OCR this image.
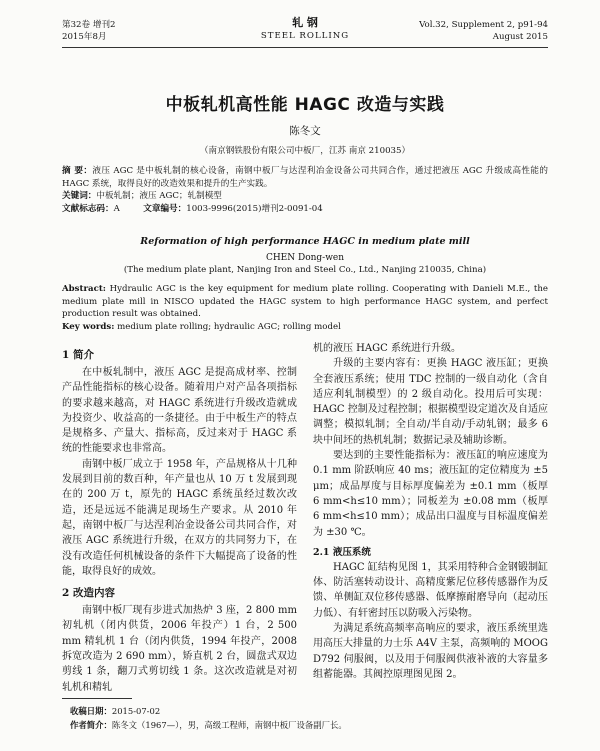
第32卷 增刊2
2015年8月
轧 钢
STEEL ROLLING
Vol.32, Supplement 2, p91-94
August 2015
中板轧机高性能 HAGC 改造与实践
陈冬文
（南京钢铁股份有限公司中板厂，江苏 南京 210035）
摘 要：液压 AGC 是中板轧制的核心设备，南钢中板厂与达涅利冶金设备公司共同合作，通过把液压 AGC 升级成高性能的 HAGC 系统，取得良好的改造效果和提升的生产实践。
关键词：中板轧制；液压 AGC；轧制模型
文献标志码：A	文章编号：1003-9996(2015)增刊2-0091-04
Reformation of high performance HAGC in medium plate mill
CHEN Dong-wen
(The medium plate plant, Nanjing Iron and Steel Co., Ltd., Nanjing 210035, China)
Abstract: Hydraulic AGC is the key equipment for medium plate rolling. Cooperating with Danieli M.E., the medium plate mill in NISCO updated the HAGC system to high performance HAGC system, and perfect production result was obtained.
Key words: medium plate rolling; hydraulic AGC; rolling model
1 简介

在中板轧制中，液压 AGC 是提高成材率、控制产品性能指标的核心设备。随着用户对产品各项指标的要求越来越高，对 HAGC 系统进行升级改造就成为投资少、收益高的一条捷径。由于中板生产的特点是规格多、产量大、指标高，反过来对于 HAGC 系统的性能要求也非常高。

南钢中板厂成立于 1958 年，产品规格从十几种发展到目前的数百种，年产量也从 10 万 t 发展到现在的 200 万 t，原先的 HAGC 系统虽经过数次改造，还是远远不能满足现场生产要求。从 2010 年起，南钢中板厂与达涅利冶金设备公司共同合作，对液压 AGC 系统进行升级，在双方的共同努力下，在没有改造任何机械设备的条件下大幅提高了设备的性能，取得良好的成效。

2 改造内容

南钢中板厂现有步进式加热炉 3 座，2 800 mm 初轧机（闭内供货，2006 年投产）1 台，2 500 mm 精轧机 1 台（闭内供货，1994 年投产，2008 拆宽改造为 2 690 mm），矫直机 2 台，圆盘式双边剪线 1 条，翻刀式剪切线 1 条。这次改造就是对初轧机和精轧

机的液压 HAGC 系统进行升级。

升级的主要内容有：更换 HAGC 液压缸；更换全套液压系统；使用 TDC 控制的一级自动化（含自适应利轧制模型）的 2 级自动化。投用后可实现：HAGC 控制及过程控制；根据模型设定道次及自适应调整；模拟轧制；全自动/半自动/手动轧钢；最多 6 块中间坯的热机轧制；数据记录及辅助诊断。

要达到的主要性能指标为：液压缸的响应速度为 0.1 mm 阶跃响应 40 ms；液压缸的定位精度为 ±5 μm；成品厚度与目标厚度偏差为 ±0.1 mm（板厚 6 mm<h≤10 mm）；同板差为 ±0.08 mm（板厚 6 mm<h≤10 mm）；成品出口温度与目标温度偏差为 ±30 ℃。

2.1 液压系统

HAGC 缸结构见图 1，其采用特种合金钢锻制缸体、防活塞转动设计、高精度紫尼位移传感器作为反馈、单侧缸双位移传感器、低摩擦耐磨导向（起动压力低）、有轩密封压以防吸入污染物。

为满足系统高频率高响应的要求，液压系统里选用高压大排量的力士乐 A4V 主泵，高频响的 MOOG D792 伺服阀，以及用于伺服阀供液补液的大容量多组蓄能器。其阀控原理图见图 2。

收稿日期：2015-07-02
作者简介：陈冬文（1967—），男，高级工程师，南钢中板厂设备副厂长。
